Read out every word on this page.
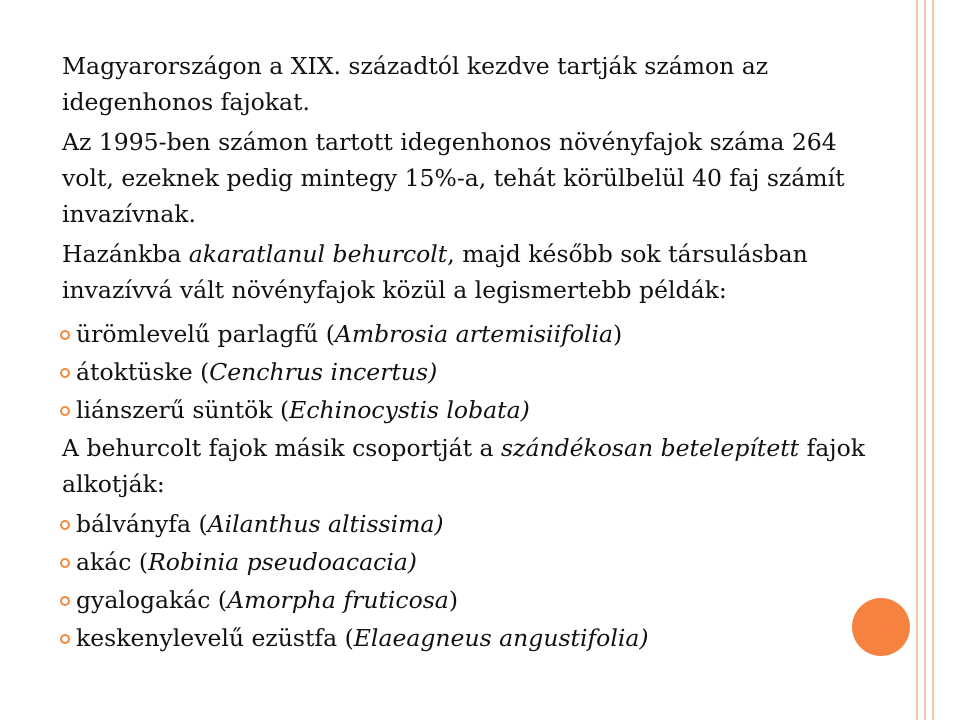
Magyarországon a XIX. századtól kezdve tartják számon az idegenhonos fajokat.

Az 1995-ben számon tartott idegenhonos növényfajok száma 264 volt, ezeknek pedig mintegy 15%-a, tehát körülbelül 40 faj számít invazívnak.

Hazánkba akaratlanul behurcolt, majd később sok társulásban invazívvá vált növényfajok közül a legismertebb példák:

ürömlevelű parlagfű ( Ambrosia artemisiifolia )
átoktüske ( Cenchrus incertus)
liánszerű süntök ( Echinocystis lobata)

A behurcolt fajok másik csoportját a szándékosan betelepített fajok alkotják:

bálványfa ( Ailanthus altissima)
akác ( Robinia pseudoacacia)
gyalogakác ( Amorpha fruticosa )
keskenylevelű ezüstfa ( Elaeagneus angustifolia)
